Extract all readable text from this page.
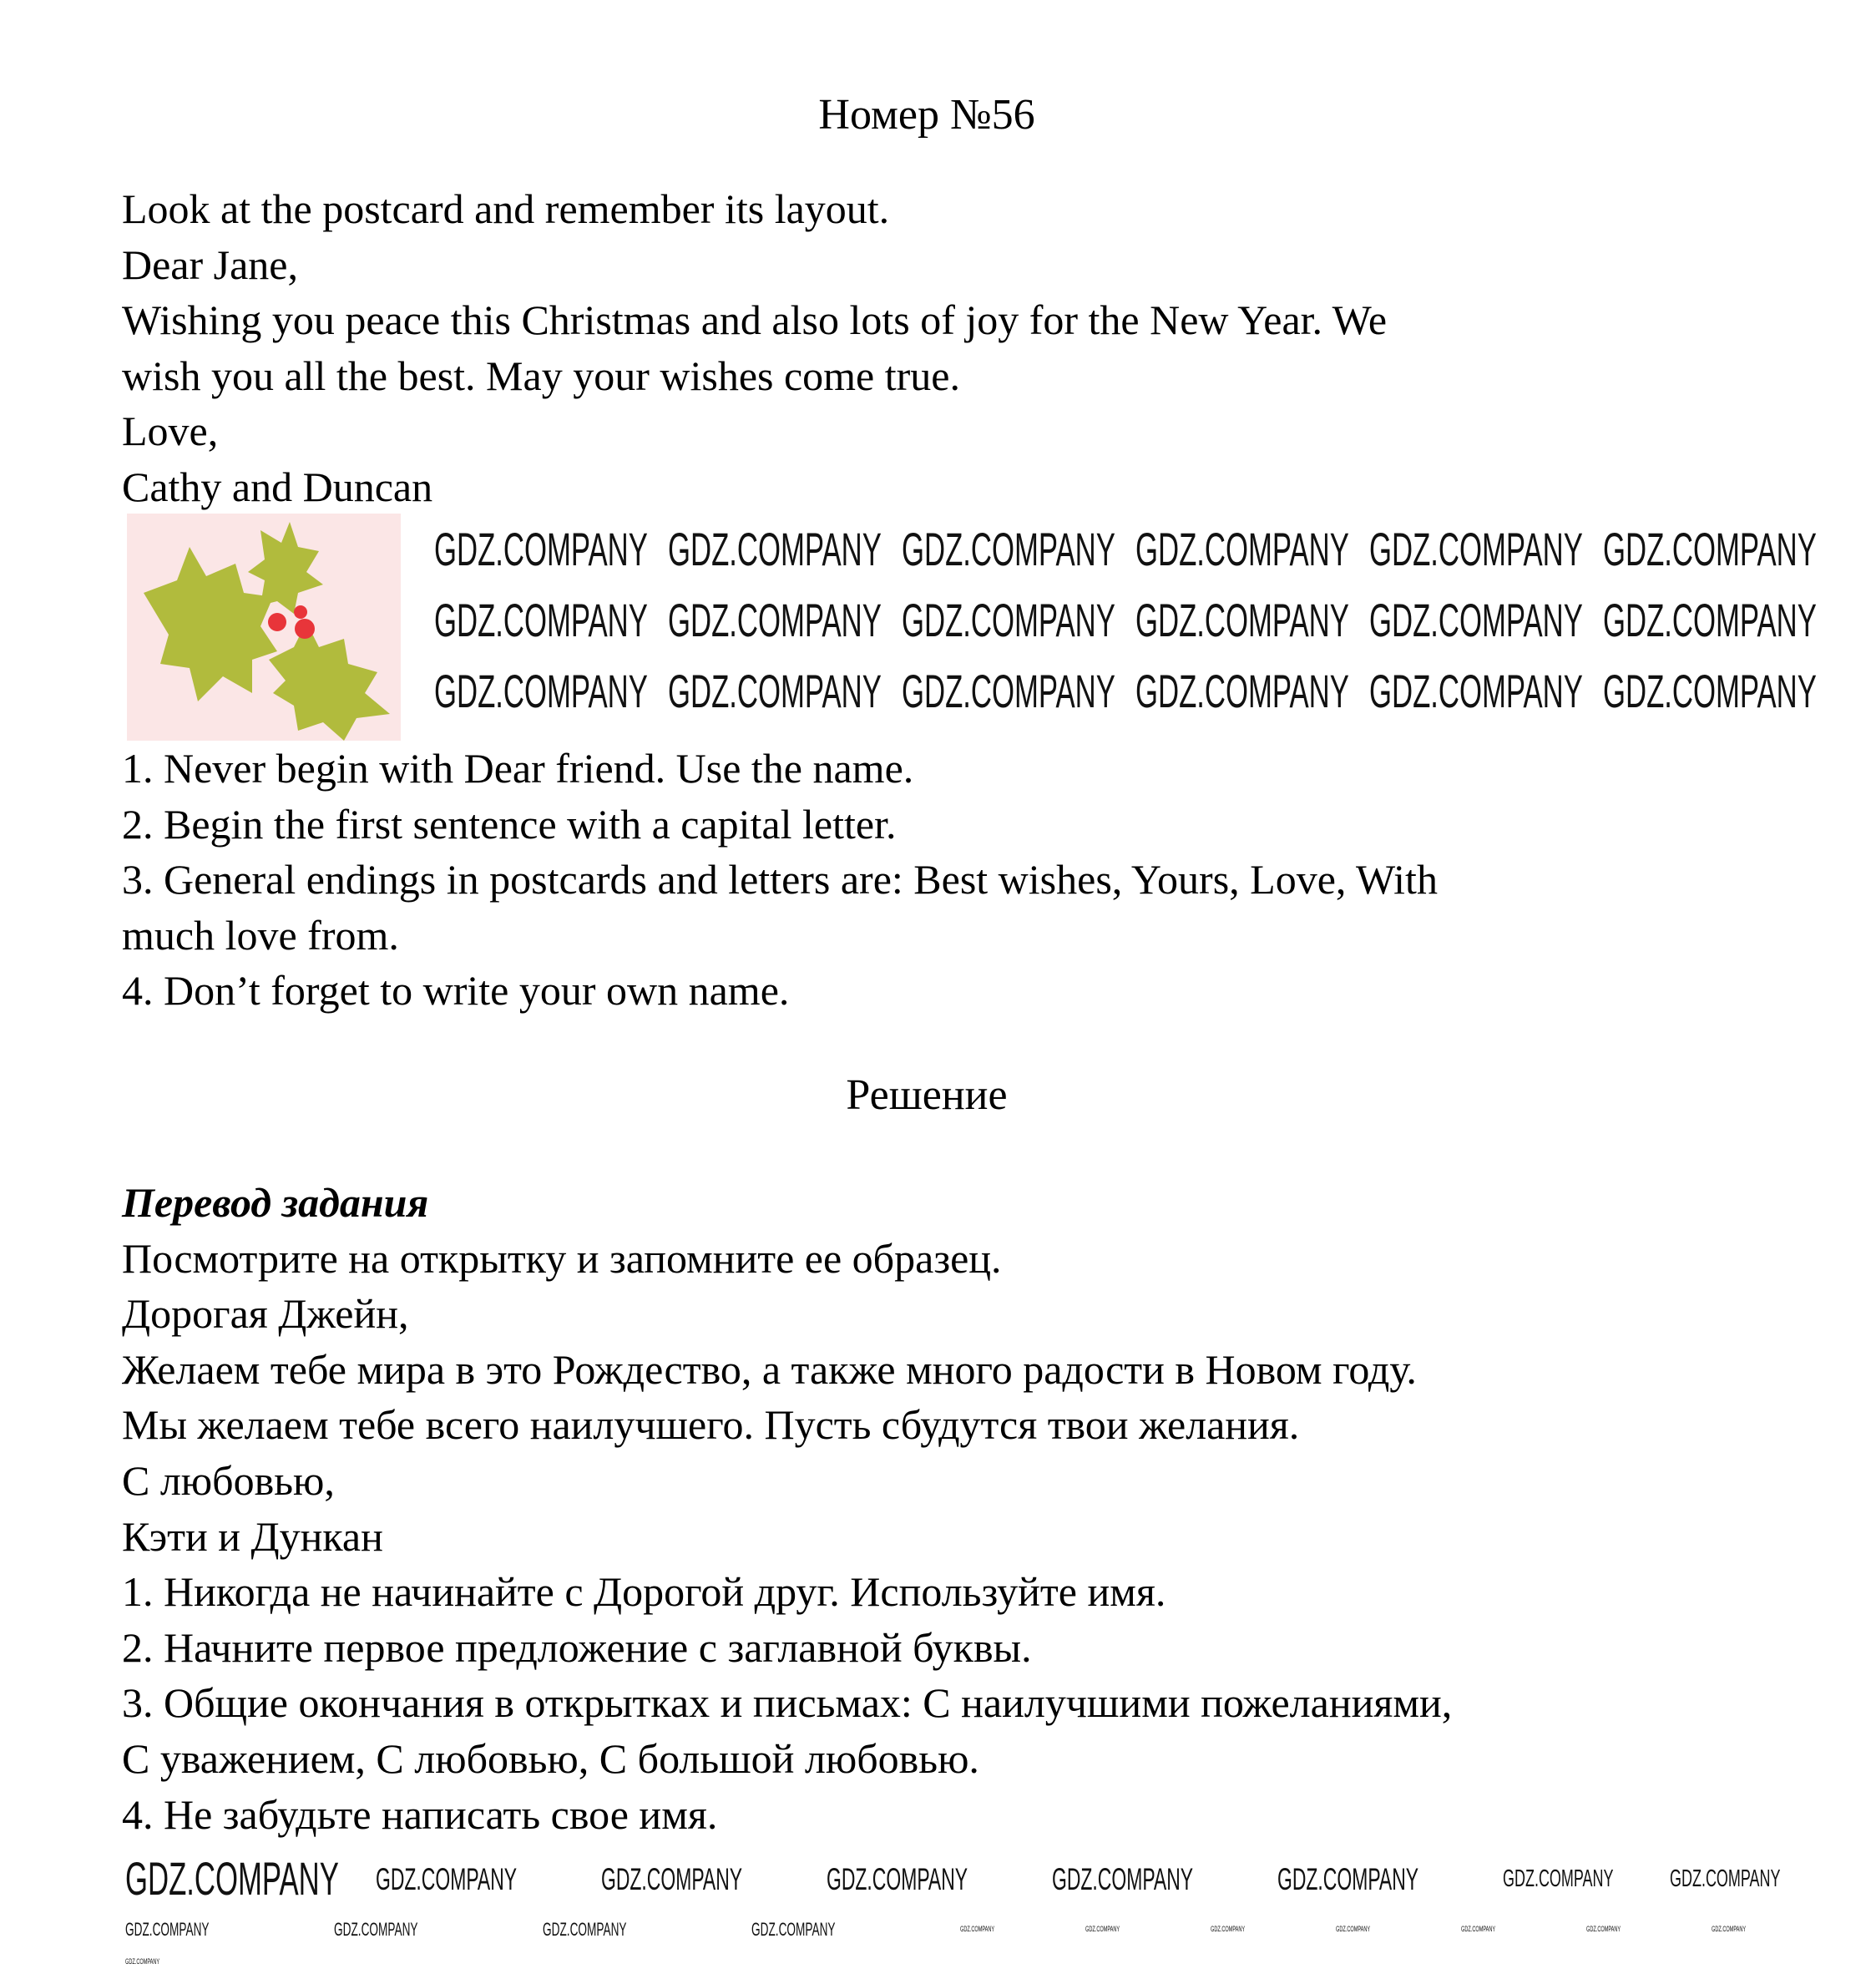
Номер №56
Look at the postcard and remember its layout.
Dear Jane,
Wishing you peace this Christmas and also lots of joy for the New Year. We
wish you all the best. May your wishes come true.
Love,
Cathy and Duncan
1. Never begin with Dear friend. Use the name.
2. Begin the first sentence with a capital letter.
3. General endings in postcards and letters are: Best wishes, Yours, Love, With
much love from.
4. Don’t forget to write your own name.
Решение
Перевод задания
Посмотрите на открытку и запомните ее образец.
Дорогая Джейн,
Желаем тебе мира в это Рождество, а также много радости в Новом году.
Мы желаем тебе всего наилучшего. Пусть сбудутся твои желания.
С любовью,
Кэти и Дункан
1. Никогда не начинайте с Дорогой друг. Используйте имя.
2. Начните первое предложение с заглавной буквы.
3. Общие окончания в открытках и письмах: С наилучшими пожеланиями,
С уважением, С любовью, С большой любовью.
4. Не забудьте написать свое имя.
GDZ.COMPANY GDZ.COMPANY GDZ.COMPANY GDZ.COMPANY GDZ.COMPANY GDZ.COMPANY
GDZ.COMPANY GDZ.COMPANY GDZ.COMPANY GDZ.COMPANY GDZ.COMPANY GDZ.COMPANY
GDZ.COMPANY GDZ.COMPANY GDZ.COMPANY GDZ.COMPANY GDZ.COMPANY GDZ.COMPANY
GDZ.COMPANY GDZ.COMPANY	GDZ.COMPANY	GDZ.COMPANY	GDZ.COMPANY	GDZ.COMPANY	GDZ.COMPANY GDZ.COMPANY
GDZ.COMPANY	GDZ.COMPANY	GDZ.COMPANY	GDZ.COMPANY	GDZ.COMPANY	GDZ.COMPANY	GDZ.COMPANY	GDZ.COMPANY	GDZ.COMPANY	GDZ.COMPANY	GDZ.COMPANY
GDZ.COMPANY
